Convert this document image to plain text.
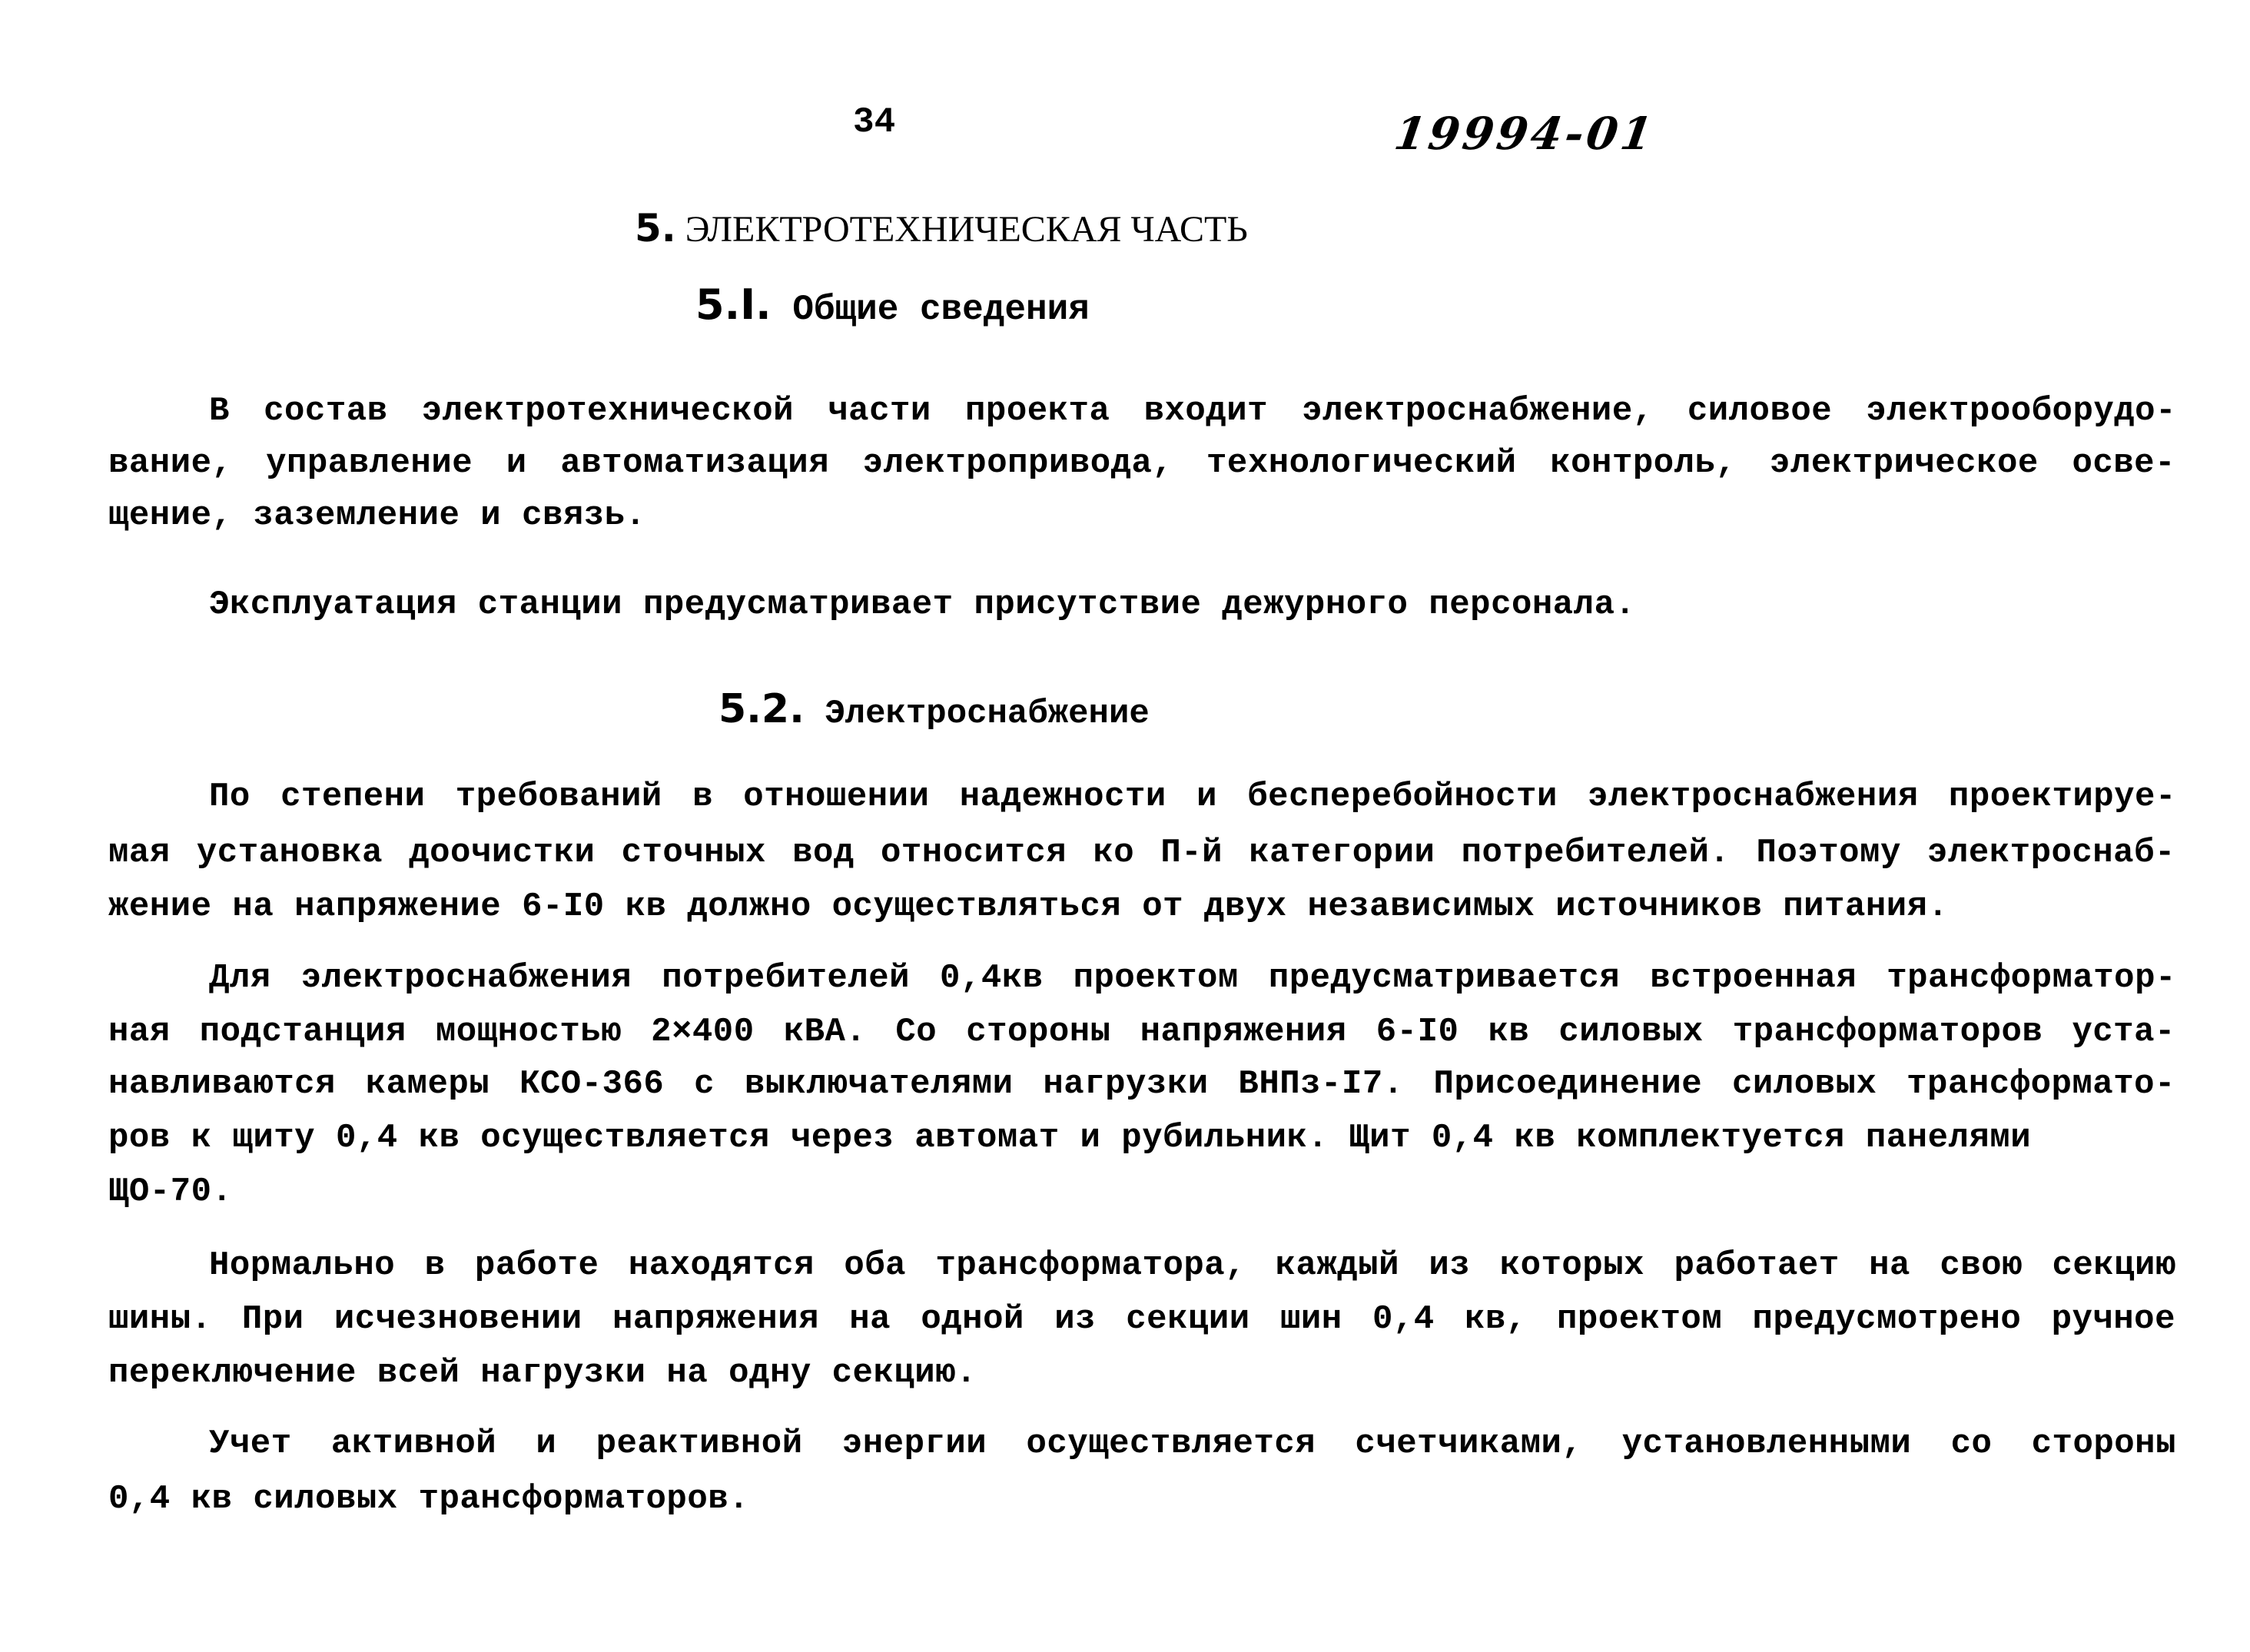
34	19994-01
5. ЭЛЕКТРОТЕХНИЧЕСКАЯ ЧАСТЬ
5.I. Общие сведения
В состав электротехнической части проекта входит электроснабжение, силовое электрооборудо-
вание, управление и автоматизация электропривода, технологический контроль, электрическое осве-
щение, заземление и связь.
Эксплуатация станции предусматривает присутствие дежурного персонала.
5.2. Электроснабжение
По степени требований в отношении надежности и бесперебойности электроснабжения проектируе-
мая установка доочистки сточных вод относится ко П-й категории потребителей. Поэтому электроснаб-
жение на напряжение 6-I0 кв должно осуществляться от двух независимых источников питания.
Для электроснабжения потребителей 0,4кв проектом предусматривается встроенная трансформатор-
ная подстанция мощностью 2×400 кВА. Со стороны напряжения 6-I0 кв силовых трансформаторов уста-
навливаются камеры КСО-366 с выключателями нагрузки ВНПз-I7. Присоединение силовых трансформато-
ров к щиту 0,4 кв осуществляется через автомат и рубильник. Щит 0,4 кв комплектуется панелями
ЩО-70.
Нормально в работе находятся оба трансформатора, каждый из которых работает на свою секцию
шины. При исчезновении напряжения на одной из секции шин 0,4 кв, проектом предусмотрено ручное
переключение всей нагрузки на одну секцию.
Учет активной и реактивной энергии осуществляется счетчиками, установленными со стороны
0,4 кв силовых трансформаторов.
